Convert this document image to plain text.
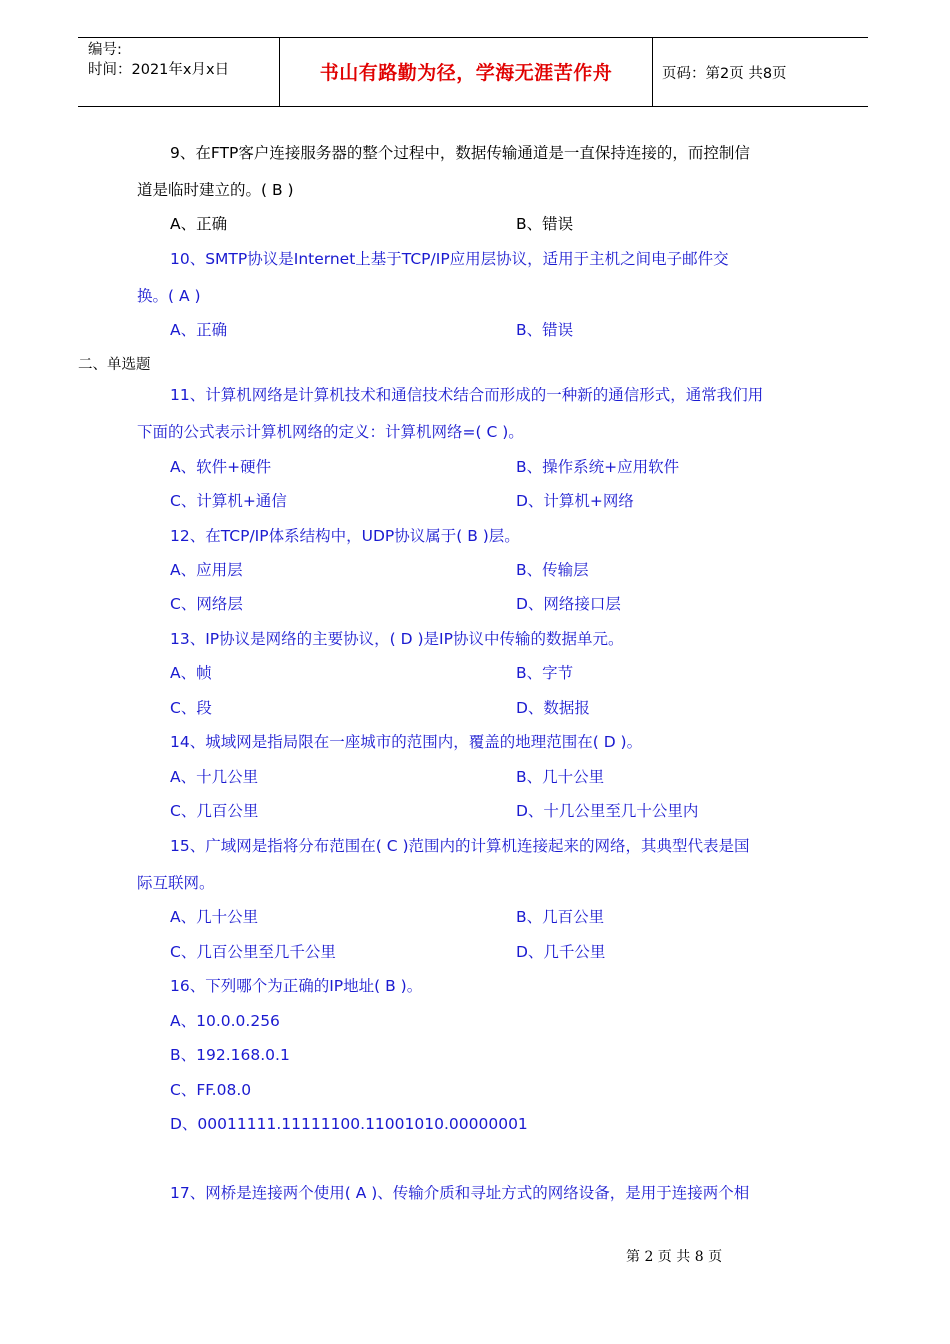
编号:
时间：2021年x月x日	书山有路勤为径，学海无涯苦作舟	页码：第2页 共8页
9、在FTP客户连接服务器的整个过程中，数据传输通道是一直保持连接的，而控制信
道是临时建立的。( B )
A、正确	B、错误
10、SMTP协议是Internet上基于TCP/IP应用层协议，适用于主机之间电子邮件交
换。( A )
A、正确	B、错误
二、单选题
11、计算机网络是计算机技术和通信技术结合而形成的一种新的通信形式，通常我们用
下面的公式表示计算机网络的定义：计算机网络=( C )。
A、软件+硬件	B、操作系统+应用软件
C、计算机+通信	D、计算机+网络
12、在TCP/IP体系结构中，UDP协议属于( B )层。
A、应用层	B、传输层
C、网络层	D、网络接口层
13、IP协议是网络的主要协议，( D )是IP协议中传输的数据单元。
A、帧	B、字节
C、段	D、数据报
14、城域网是指局限在一座城市的范围内，覆盖的地理范围在( D )。
A、十几公里	B、几十公里
C、几百公里	D、十几公里至几十公里内
15、广域网是指将分布范围在( C )范围内的计算机连接起来的网络，其典型代表是国
际互联网。
A、几十公里	B、几百公里
C、几百公里至几千公里	D、几千公里
16、下列哪个为正确的IP地址( B )。
A、10.0.0.256
B、192.168.0.1
C、FF.08.0
D、00011111.11111100.11001010.00000001
17、网桥是连接两个使用( A )、传输介质和寻址方式的网络设备，是用于连接两个相
第 2 页 共 8 页
